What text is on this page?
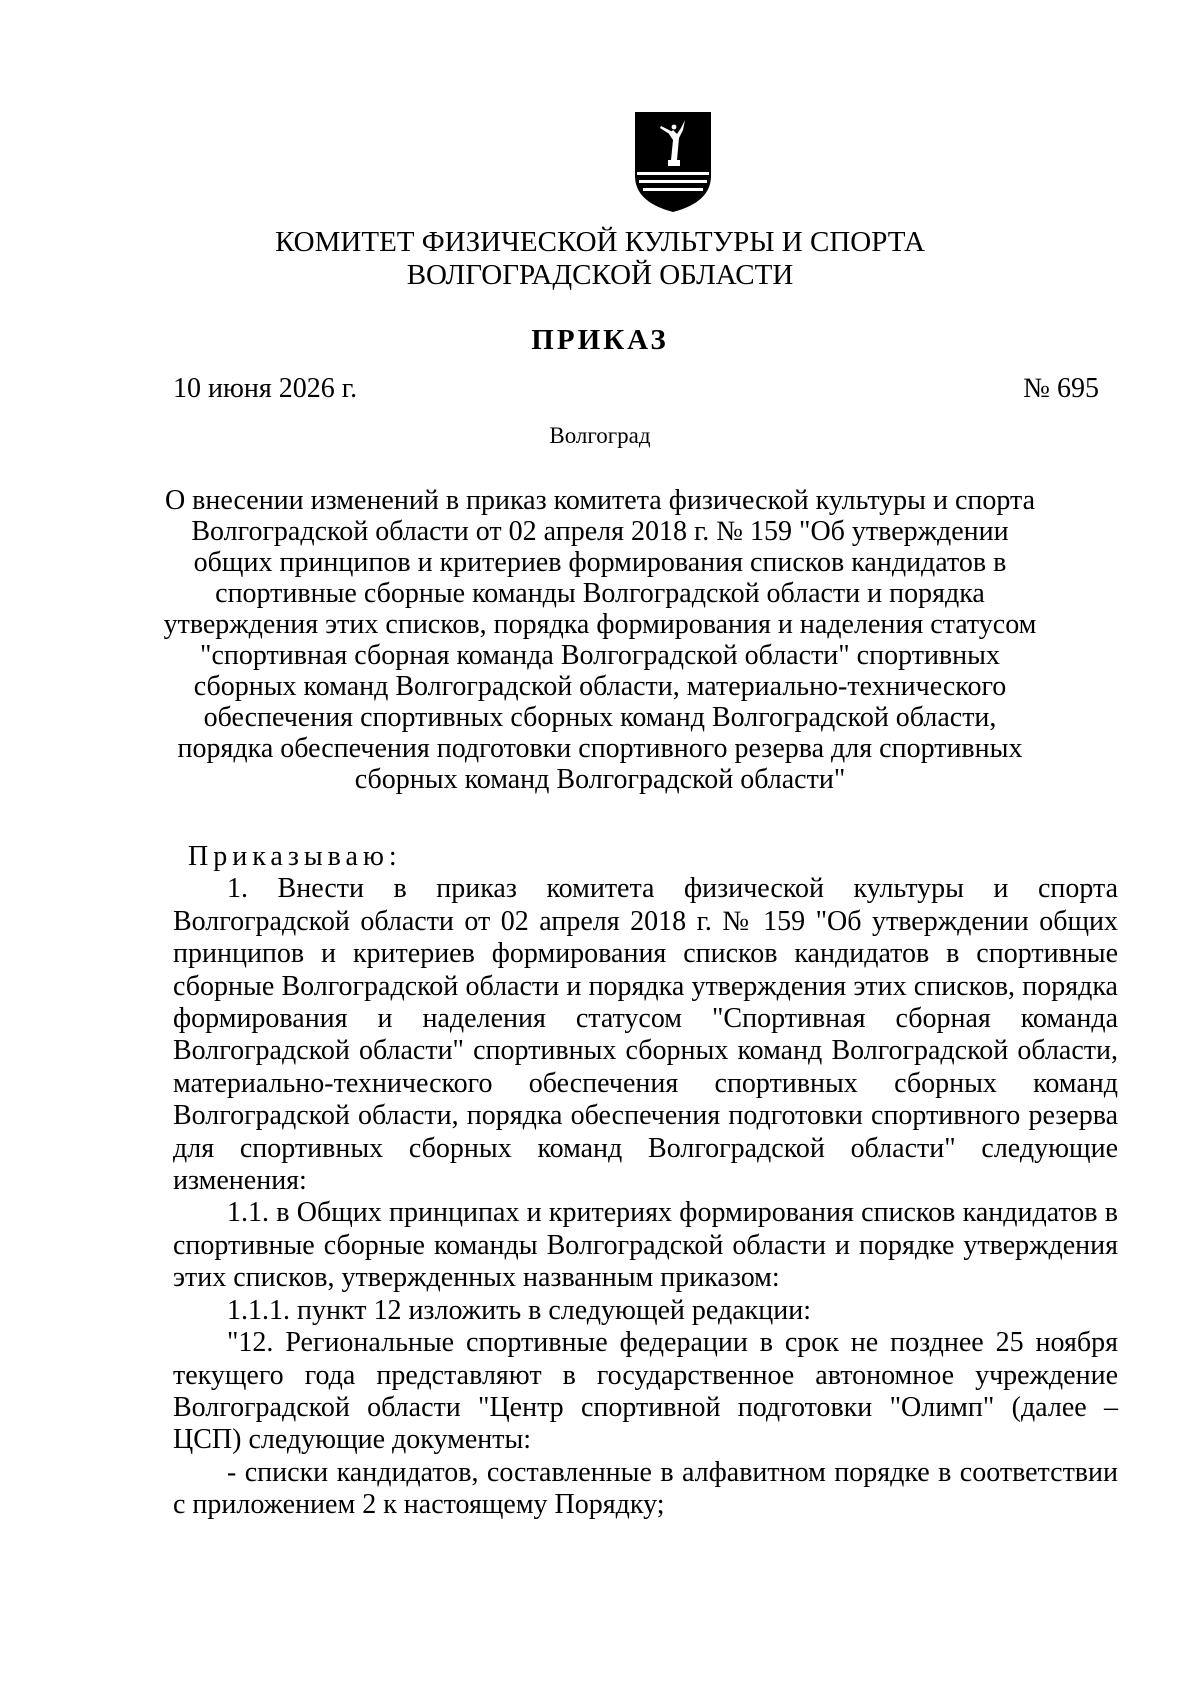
КОМИТЕТ ФИЗИЧЕСКОЙ КУЛЬТУРЫ И СПОРТА
ВОЛГОГРАДСКОЙ ОБЛАСТИ
ПРИКАЗ
10 июня 2026 г.	№ 695
Волгоград
О внесении изменений в приказ комитета физической культуры и спорта Волгоградской области от 02 апреля 2018 г. № 159 "Об утверждении общих принципов и критериев формирования списков кандидатов в спортивные сборные команды Волгоградской области и порядка утверждения этих списков, порядка формирования и наделения статусом "спортивная сборная команда Волгоградской области" спортивных сборных команд Волгоградской области, материально-технического обеспечения спортивных сборных команд Волгоградской области, порядка обеспечения подготовки спортивного резерва для спортивных сборных команд Волгоградской области"

Приказываю:

1. Внести в приказ комитета физической культуры и спорта Волгоградской области от 02 апреля 2018 г. № 159 "Об утверждении общих принципов и критериев формирования списков кандидатов в спортивные сборные Волгоградской области и порядка утверждения этих списков, порядка формирования и наделения статусом "Спортивная сборная команда Волгоградской области" спортивных сборных команд Волгоградской области, материально-технического обеспечения спортивных сборных команд Волгоградской области, порядка обеспечения подготовки спортивного резерва для спортивных сборных команд Волгоградской области" следующие изменения:

1.1. в Общих принципах и критериях формирования списков кандидатов в спортивные сборные команды Волгоградской области и порядке утверждения этих списков, утвержденных названным приказом:

1.1.1. пункт 12 изложить в следующей редакции:

"12. Региональные спортивные федерации в срок не позднее 25 ноября текущего года представляют в государственное автономное учреждение Волгоградской области "Центр спортивной подготовки "Олимп" (далее – ЦСП) следующие документы:

- списки кандидатов, составленные в алфавитном порядке в соответствии с приложением 2 к настоящему Порядку;
